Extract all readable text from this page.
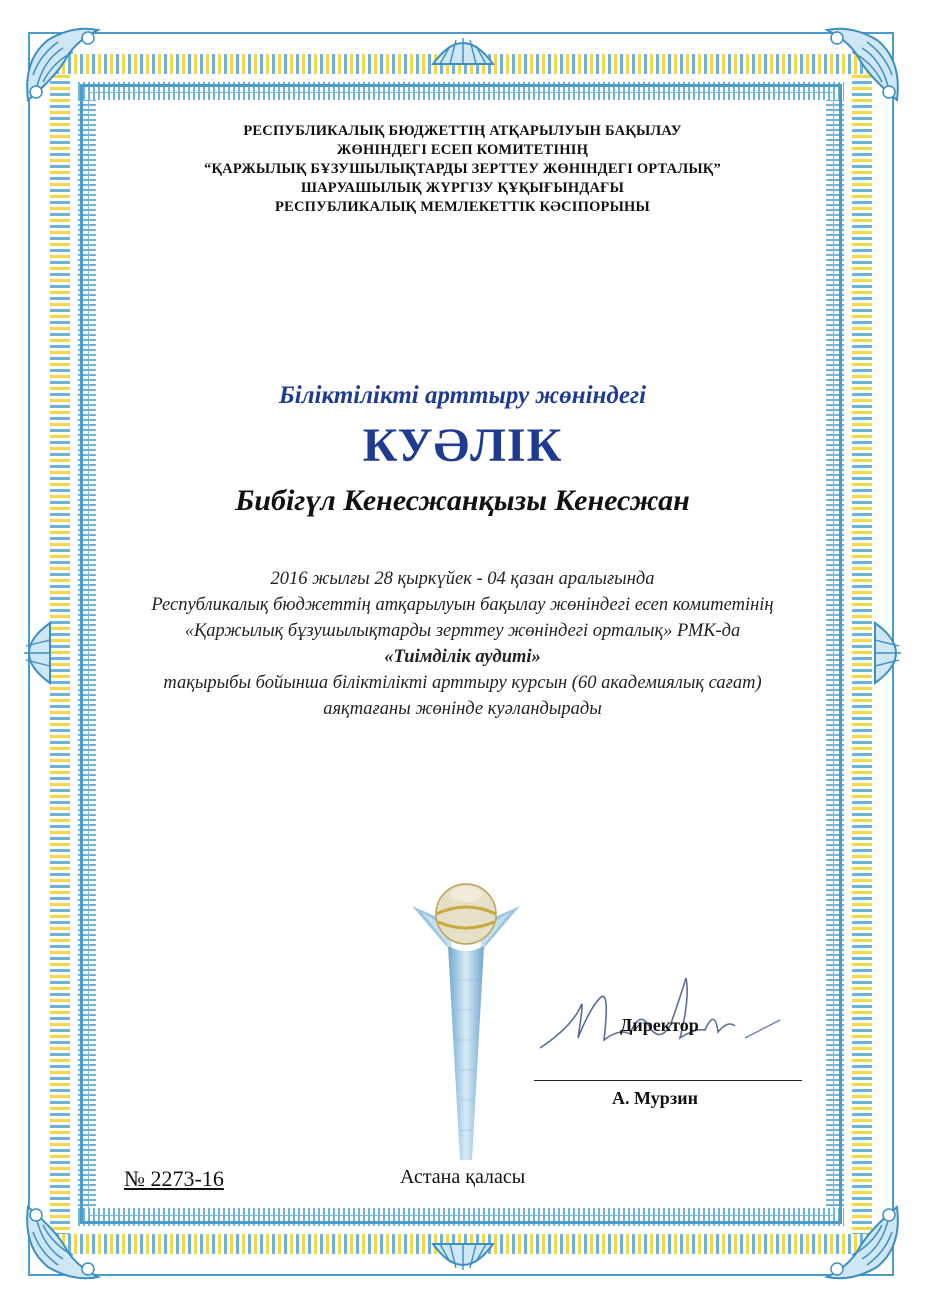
РЕСПУБЛИКАЛЫҚ БЮДЖЕТТІҢ АТҚАРЫЛУЫН БАҚЫЛАУ
ЖӨНІНДЕГІ ЕСЕП КОМИТЕТІНІҢ
“ҚАРЖЫЛЫҚ БҰЗУШЫЛЫҚТАРДЫ ЗЕРТТЕУ ЖӨНІНДЕГІ ОРТАЛЫҚ”
ШАРУАШЫЛЫҚ ЖҮРГІЗУ ҚҰҚЫҒЫНДАҒЫ
РЕСПУБЛИКАЛЫҚ МЕМЛЕКЕТТІК КӘСІПОРЫНЫ
Біліктілікті арттыру жөніндегі
КУӘЛІК
Бибігүл Кенесжанқызы Кенесжан
2016 жылғы 28 қыркүйек - 04 қазан аралығында
Республикалық бюджеттің атқарылуын бақылау жөніндегі есеп комитетінің
«Қаржылық бұзушылықтарды зерттеу жөніндегі орталық» РМК-да
«Тиімділік аудиті»
тақырыбы бойынша біліктілікті арттыру курсын (60 академиялық сағат)
аяқтағаны жөнінде куәландырады
Директор
А. Мурзин
№ 2273-16	Астана қаласы
